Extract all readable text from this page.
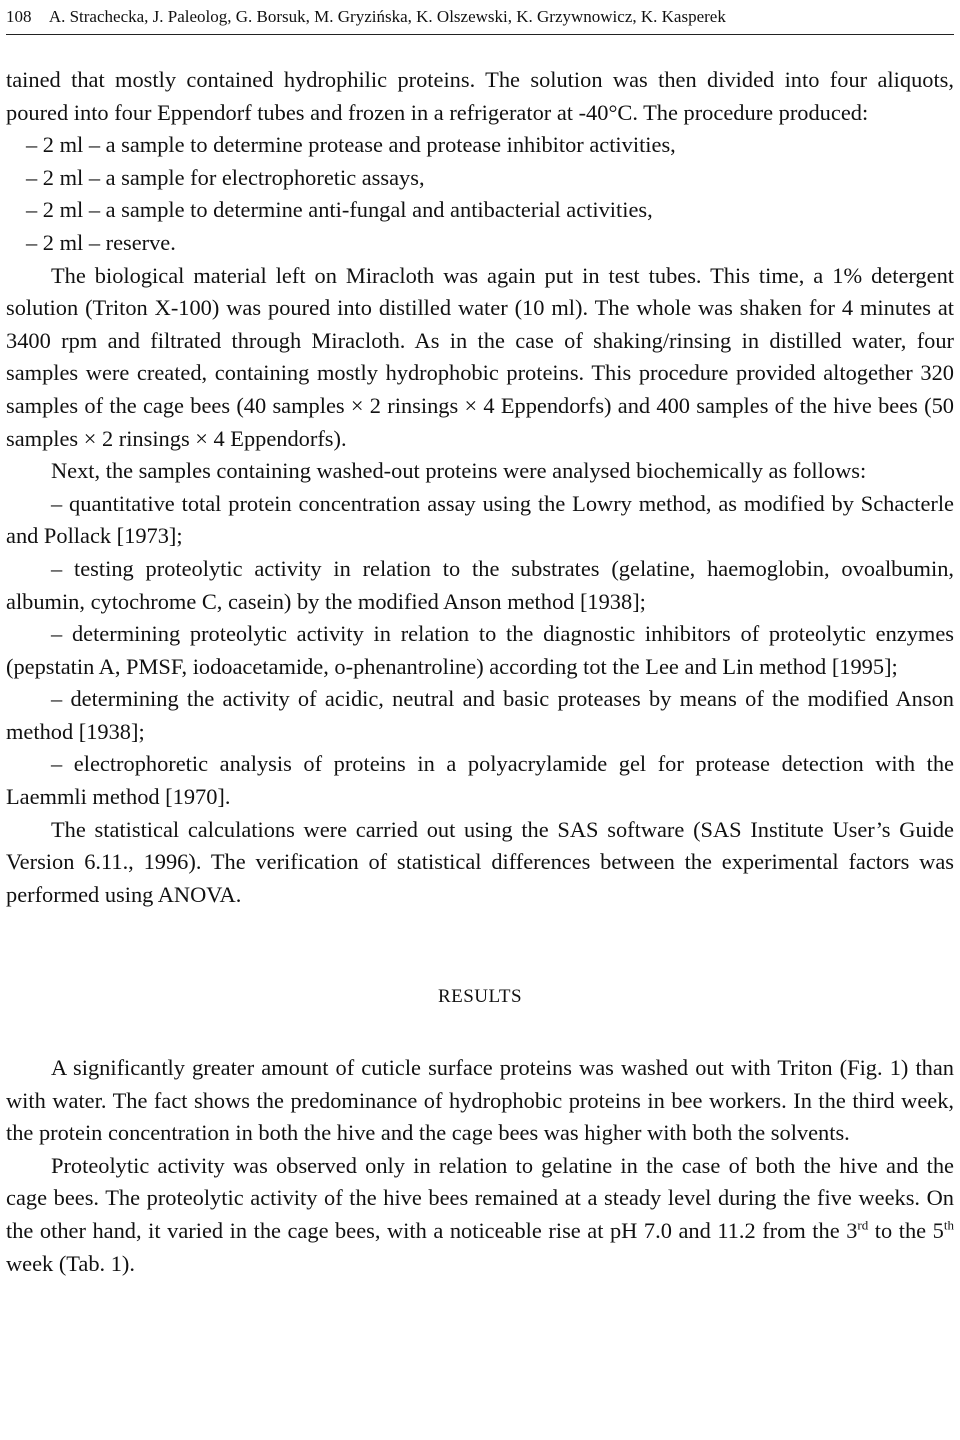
108 A. Strachecka, J. Paleolog, G. Borsuk, M. Gryzińska, K. Olszewski, K. Grzywnowicz, K. Kasperek

tained that mostly contained hydrophilic proteins. The solution was then divided into four aliquots, poured into four Eppendorf tubes and frozen in a refrigerator at -40°C. The procedure produced:

– 2 ml – a sample to determine protease and protease inhibitor activities,

– 2 ml – a sample for electrophoretic assays,

– 2 ml – a sample to determine anti-fungal and antibacterial activities,

– 2 ml – reserve.

The biological material left on Miracloth was again put in test tubes. This time, a 1% detergent solution (Triton X-100) was poured into distilled water (10 ml). The whole was shaken for 4 minutes at 3400 rpm and filtrated through Miracloth. As in the case of shaking/rinsing in distilled water, four samples were created, containing mostly hydrophobic proteins. This procedure provided altogether 320 samples of the cage bees (40 samples × 2 rinsings × 4 Eppendorfs) and 400 samples of the hive bees (50 samples × 2 rinsings × 4 Eppendorfs).

Next, the samples containing washed-out proteins were analysed biochemically as follows:

– quantitative total protein concentration assay using the Lowry method, as modified by Schacterle and Pollack [1973];

– testing proteolytic activity in relation to the substrates (gelatine, haemoglobin, ovoalbumin, albumin, cytochrome C, casein) by the modified Anson method [1938];

– determining proteolytic activity in relation to the diagnostic inhibitors of proteolytic enzymes (pepstatin A, PMSF, iodoacetamide, o-phenantroline) according tot the Lee and Lin method [1995];

– determining the activity of acidic, neutral and basic proteases by means of the modified Anson method [1938];

– electrophoretic analysis of proteins in a polyacrylamide gel for protease detection with the Laemmli method [1970].

The statistical calculations were carried out using the SAS software (SAS Institute User’s Guide Version 6.11., 1996). The verification of statistical differences between the experimental factors was performed using ANOVA.

RESULTS

A significantly greater amount of cuticle surface proteins was washed out with Triton (Fig. 1) than with water. The fact shows the predominance of hydrophobic proteins in bee workers. In the third week, the protein concentration in both the hive and the cage bees was higher with both the solvents.

Proteolytic activity was observed only in relation to gelatine in the case of both the hive and the cage bees. The proteolytic activity of the hive bees remained at a steady level during the five weeks. On the other hand, it varied in the cage bees, with a noticeable rise at pH 7.0 and 11.2 from the 3rd to the 5th week (Tab. 1).
